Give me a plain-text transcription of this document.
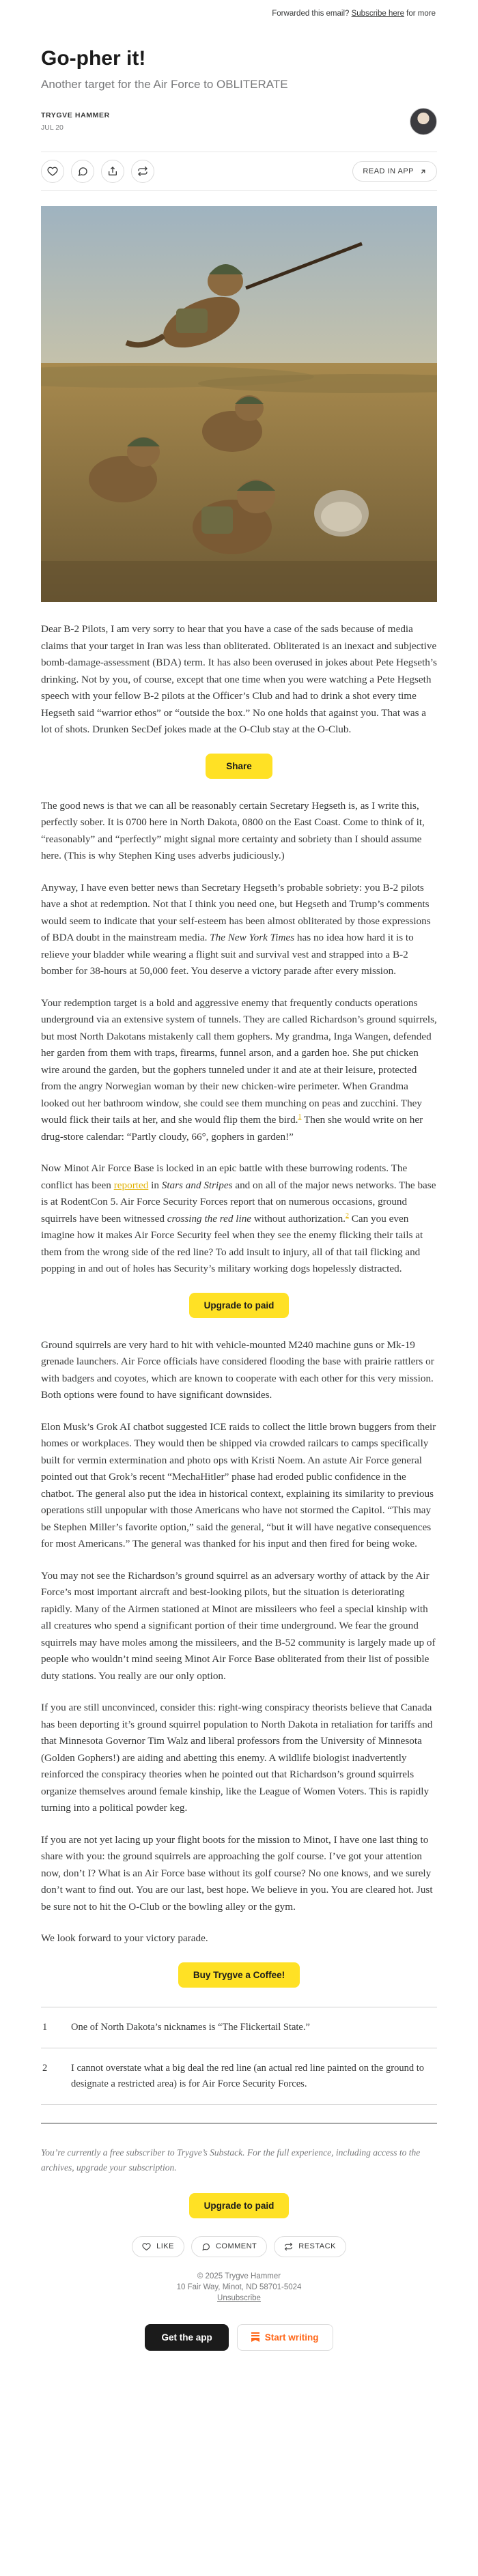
Forwarded this email?
Subscribe here
for more
Go-pher it!
Another target for the Air Force to OBLITERATE
TRYGVE HAMMER
JUL 20
READ IN APP

Dear B-2 Pilots, I am very sorry to hear that you have a case of the sads because of media claims that your target in Iran was less than obliterated. Obliterated is an inexact and subjective bomb-damage-assessment (BDA) term. It has also been overused in jokes about Pete Hegseth’s drinking. Not by you, of course, except that one time when you were watching a Pete Hegseth speech with your fellow B-2 pilots at the Officer’s Club and had to drink a shot every time Hegseth said “warrior ethos” or “outside the box.” No one holds that against you. That was a lot of shots. Drunken SecDef jokes made at the O-Club stay at the O-Club.

Share

The good news is that we can all be reasonably certain Secretary Hegseth is, as I write this, perfectly sober. It is 0700 here in North Dakota, 0800 on the East Coast. Come to think of it, “reasonably” and “perfectly” might signal more certainty and sobriety than I should assume here. (This is why Stephen King uses adverbs judiciously.)

Anyway, I have even better news than Secretary Hegseth’s probable sobriety: you B-2 pilots have a shot at redemption. Not that I think you need one, but Hegseth and Trump’s comments would seem to indicate that your self-esteem has been almost obliterated by those expressions of BDA doubt in the mainstream media. The New York Times has no idea how hard it is to relieve your bladder while wearing a flight suit and survival vest and strapped into a B-2 bomber for 38-hours at 50,000 feet. You deserve a victory parade after every mission.

Your redemption target is a bold and aggressive enemy that frequently conducts operations underground via an extensive system of tunnels. They are called Richardson’s ground squirrels, but most North Dakotans mistakenly call them gophers. My grandma, Inga Wangen, defended her garden from them with traps, firearms, funnel arson, and a garden hoe. She put chicken wire around the garden, but the gophers tunneled under it and ate at their leisure, protected from the angry Norwegian woman by their new chicken-wire perimeter. When Grandma looked out her bathroom window, she could see them munching on peas and zucchini. They would flick their tails at her, and she would flip them the bird.$^1$ Then she would write on her drug-store calendar: “Partly cloudy, 66°, gophers in garden!”

Now Minot Air Force Base is locked in an epic battle with these burrowing rodents. The conflict has been reported in Stars and Stripes and on all of the major news networks. The base is at RodentCon 5. Air Force Security Forces report that on numerous occasions, ground squirrels have been witnessed crossing the red line without authorization.$^2$ Can you even imagine how it makes Air Force Security feel when they see the enemy flicking their tails at them from the wrong side of the red line? To add insult to injury, all of that tail flicking and popping in and out of holes has Security’s military working dogs hopelessly distracted.

Upgrade to paid

Ground squirrels are very hard to hit with vehicle-mounted M240 machine guns or Mk-19 grenade launchers. Air Force officials have considered flooding the base with prairie rattlers or with badgers and coyotes, which are known to cooperate with each other for this very mission. Both options were found to have significant downsides.

Elon Musk’s Grok AI chatbot suggested ICE raids to collect the little brown buggers from their homes or workplaces. They would then be shipped via crowded railcars to camps specifically built for vermin extermination and photo ops with Kristi Noem. An astute Air Force general pointed out that Grok’s recent “MechaHitler” phase had eroded public confidence in the chatbot. The general also put the idea in historical context, explaining its similarity to previous operations still unpopular with those Americans who have not stormed the Capitol. “This may be Stephen Miller’s favorite option,” said the general, “but it will have negative consequences for most Americans.” The general was thanked for his input and then fired for being woke.

You may not see the Richardson’s ground squirrel as an adversary worthy of attack by the Air Force’s most important aircraft and best-looking pilots, but the situation is deteriorating rapidly. Many of the Airmen stationed at Minot are missileers who feel a special kinship with all creatures who spend a significant portion of their time underground. We fear the ground squirrels may have moles among the missileers, and the B-52 community is largely made up of people who wouldn’t mind seeing Minot Air Force Base obliterated from their list of possible duty stations. You really are our only option.

If you are still unconvinced, consider this: right-wing conspiracy theorists believe that Canada has been deporting it’s ground squirrel population to North Dakota in retaliation for tariffs and that Minnesota Governor Tim Walz and liberal professors from the University of Minnesota (Golden Gophers!) are aiding and abetting this enemy. A wildlife biologist inadvertently reinforced the conspiracy theories when he pointed out that Richardson’s ground squirrels organize themselves around female kinship, like the League of Women Voters. This is rapidly turning into a political powder keg.

If you are not yet lacing up your flight boots for the mission to Minot, I have one last thing to share with you: the ground squirrels are approaching the golf course. I’ve got your attention now, don’t I? What is an Air Force base without its golf course? No one knows, and we surely don’t want to find out. You are our last, best hope. We believe in you. You are cleared hot. Just be sure not to hit the O-Club or the bowling alley or the gym.

We look forward to your victory parade.

Buy Trygve a Coffee!
1	One of North Dakota’s nicknames is “The Flickertail State.”
2	I cannot overstate what a big deal the red line (an actual red line painted on the ground to designate a restricted area) is for Air Force Security Forces.
You’re currently a free subscriber to Trygve’s Substack. For the full experience, including access to the archives, upgrade your subscription.
Upgrade to paid
LIKE	COMMENT	RESTACK
© 2025 Trygve Hammer
10 Fair Way, Minot, ND 58701-5024
Unsubscribe
Get the app	Start writing
